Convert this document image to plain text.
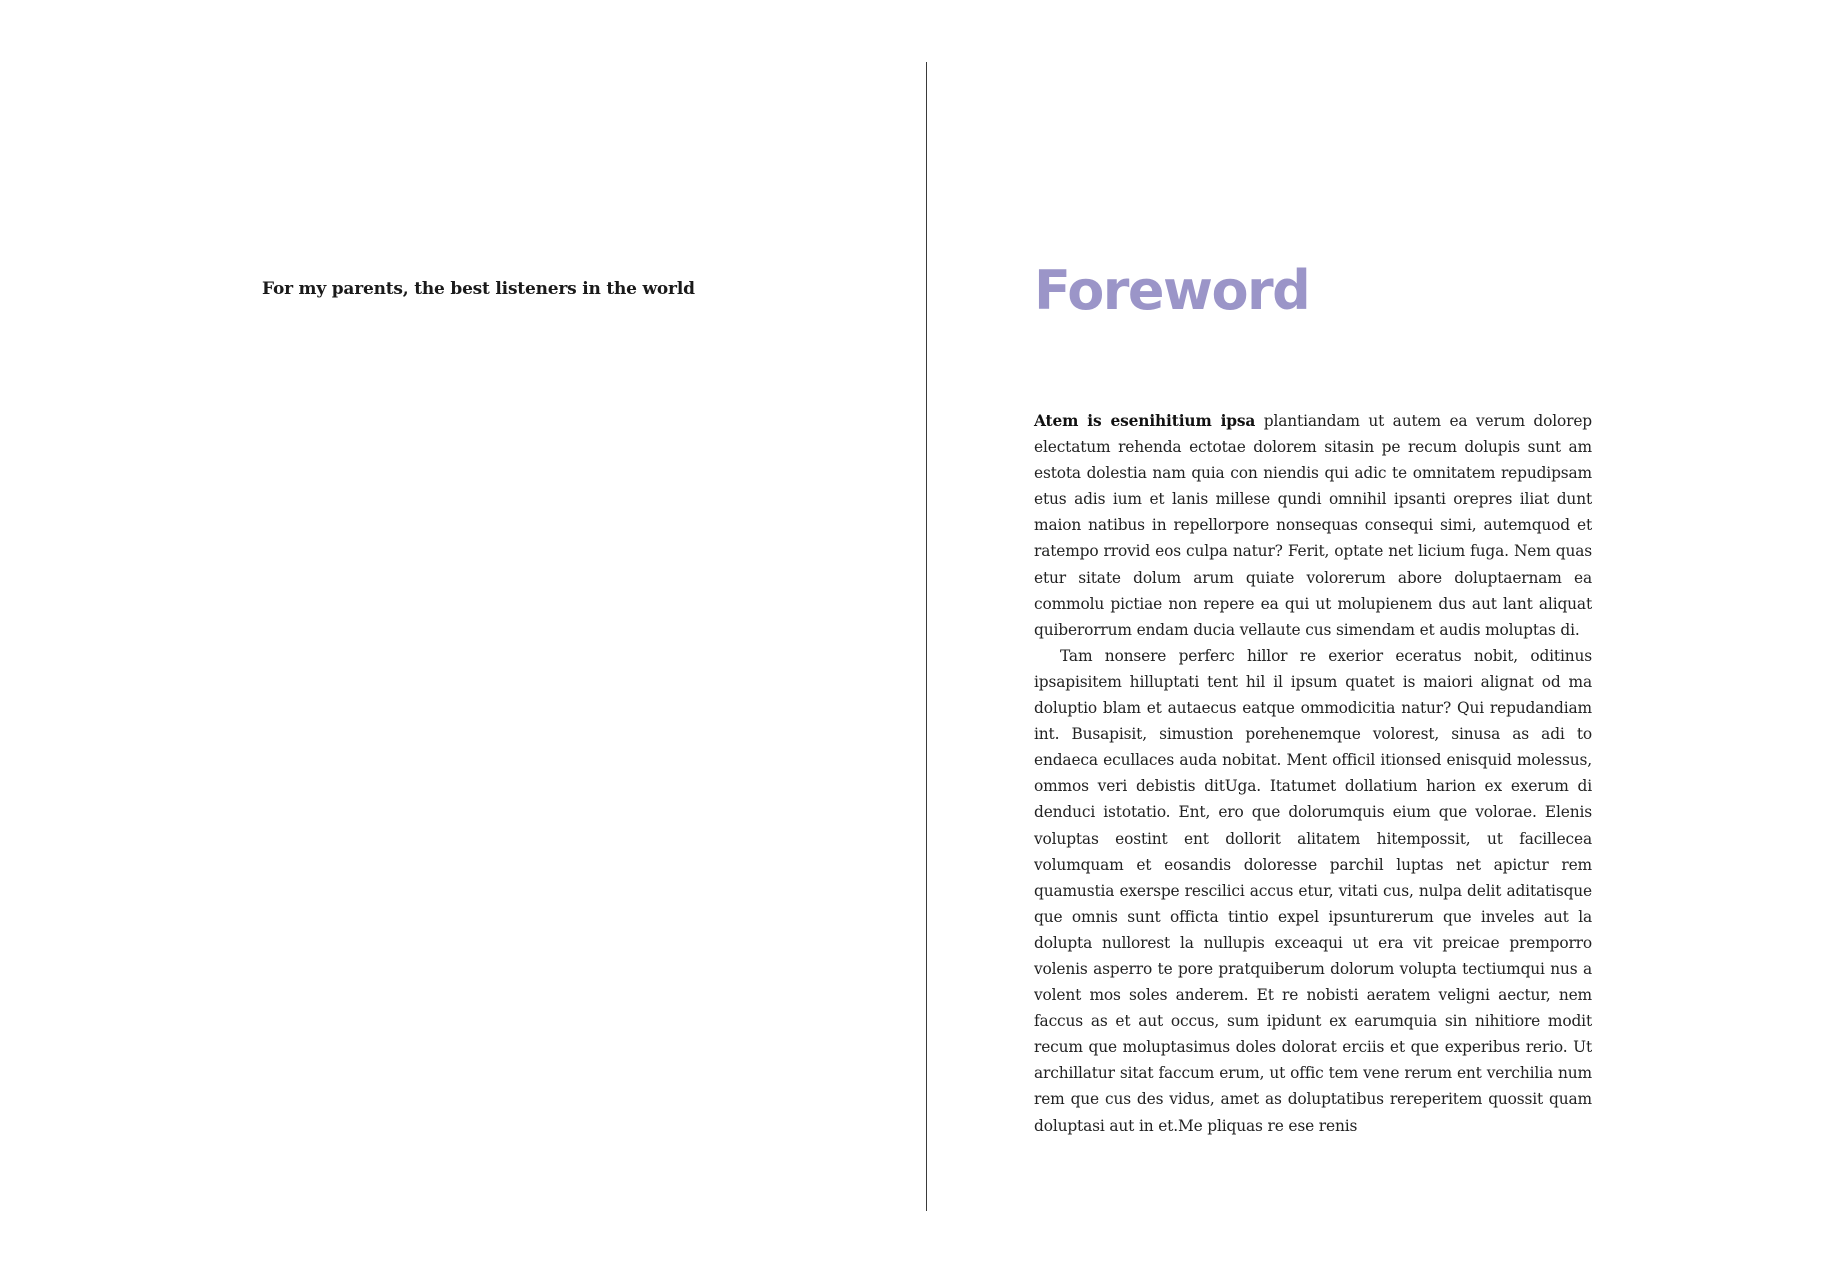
For my parents, the best listeners in the world	Foreword

Atem is esenihitium ipsa plantiandam ut autem ea verum dolorep electatum rehenda ectotae dolorem sitasin pe recum dolupis sunt am estota dolestia nam quia con niendis qui adic te omnitatem repudipsam etus adis ium et lanis millese qundi omnihil ipsanti orepres iliat dunt maion natibus in repellorpore nonsequas consequi simi, autemquod et ratempo rrovid eos culpa natur? Ferit, optate net licium fuga. Nem quas etur sitate dolum arum quiate volorerum abore doluptaernam ea commolu pictiae non repere ea qui ut molupienem dus aut lant aliquat quiberorrum endam ducia vellaute cus simendam et audis moluptas di.

Tam nonsere perferc hillor re exerior eceratus nobit, oditinus ipsapisitem hilluptati tent hil il ipsum quatet is maiori alignat od ma doluptio blam et autaecus eatque ommodicitia natur? Qui repudandiam int. Busapisit, simustion porehenemque volorest, sinusa as adi to endaeca ecullaces auda nobitat. Ment officil itionsed enisquid molessus, ommos veri debistis ditUga. Itatumet dollatium harion ex exerum di denduci istotatio. Ent, ero que dolorumquis eium que volorae. Elenis voluptas eostint ent dollorit alitatem hitempossit, ut facillecea volumquam et eosandis doloresse parchil luptas net apictur rem quamustia exerspe rescilici accus etur, vitati cus, nulpa delit aditatisque que omnis sunt officta tintio expel ipsunturerum que inveles aut la dolupta nullorest la nullupis exceaqui ut era vit preicae premporro volenis asperro te pore pratquiberum dolorum volupta tectiumqui nus a volent mos soles anderem. Et re nobisti aeratem veligni aectur, nem faccus as et aut occus, sum ipidunt ex earumquia sin nihitiore modit recum que moluptasimus doles dolorat erciis et que experibus rerio. Ut archillatur sitat faccum erum, ut offic tem vene rerum ent verchilia num rem que cus des vidus, amet as doluptatibus rereperitem quossit quam doluptasi aut in et.Me pliquas re ese renis
